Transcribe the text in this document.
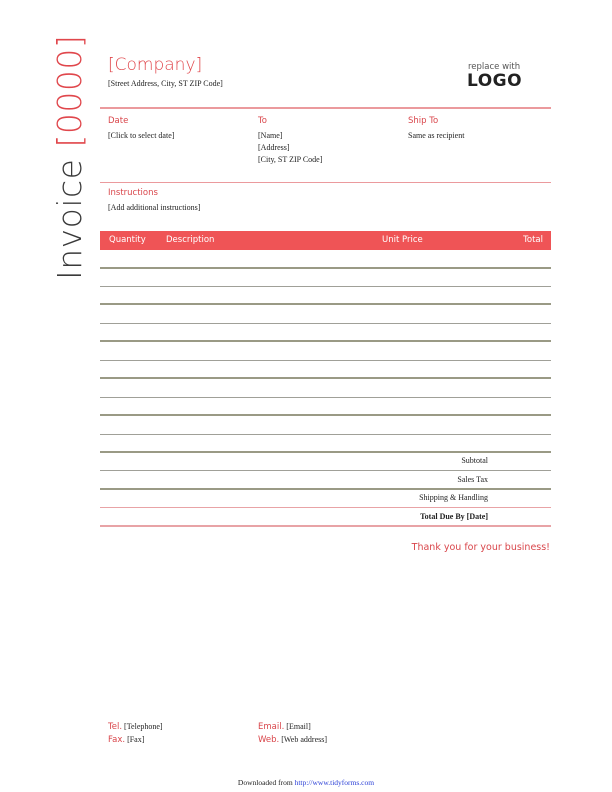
Invoice [0000] [Company]
[Street Address, City, ST ZIP Code]
replace with
LOGO
Date
[Click to select date]
To
[Name]
[Address]
[City, ST ZIP Code]
Ship To
Same as recipient
Instructions
[Add additional instructions]
Quantity Description	Unit Price	Total
Subtotal
Sales Tax
Shipping & Handling
Total Due By [Date]
Thank you for your business!
Tel. [Telephone]
Fax. [Fax]
Email. [Email]
Web. [Web address]
Downloaded from http://www.tidyforms.com
